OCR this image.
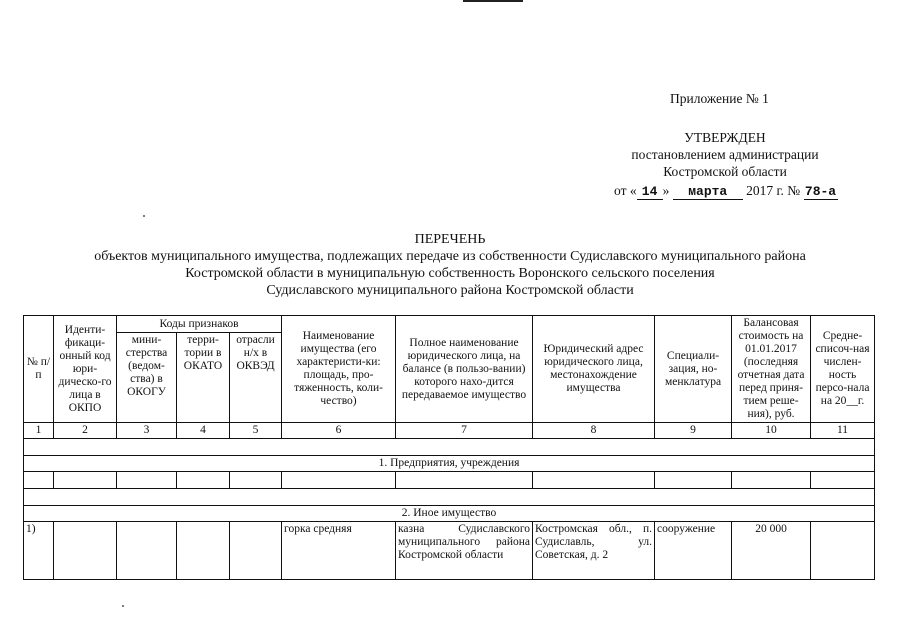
Приложение № 1
УТВЕРЖДЕН
постановлением администрации
Костромской области
от « 14 » марта 2017 г. № 78-а
ПЕРЕЧЕНЬ
объектов муниципального имущества, подлежащих передаче из собственности Судиславского муниципального района
Костромской области в муниципальную собственность Воронского сельского поселения
Судиславского муниципального района Костромской области
№ п/п	Иденти-фикаци-онный код юри-дическо-го лица в ОКПО	Коды признаков			Наименование имущества (его характеристи-ки: площадь, про-тяженность, коли-чество)	Полное наименование юридического лица, на балансе (в пользо-вании) которого нахо-дится передаваемое имущество	Юридический адрес юридического лица, местонахождение имущества	Специали-зация, но-менклатура	Балансовая стоимость на 01.01.2017 (последняя отчетная дата перед приня-тием реше-ния), руб.	Средне-списоч-ная числен-ность персо-нала на 20__г.
		мини-стерства (ведом-ства) в ОКОГУ	терри-тории в ОКАТО	отрасли н/х в ОКВЭД						
1	2	3	4	5	6	7	8	9	10	11

1. Предприятия, учреждения										

2. Иное имущество										
1)					горка средняя	казна Судиславского муниципального района Костромской области	Костромская обл., п. Судиславль, ул. Советская, д. 2	сооружение	20 000	
